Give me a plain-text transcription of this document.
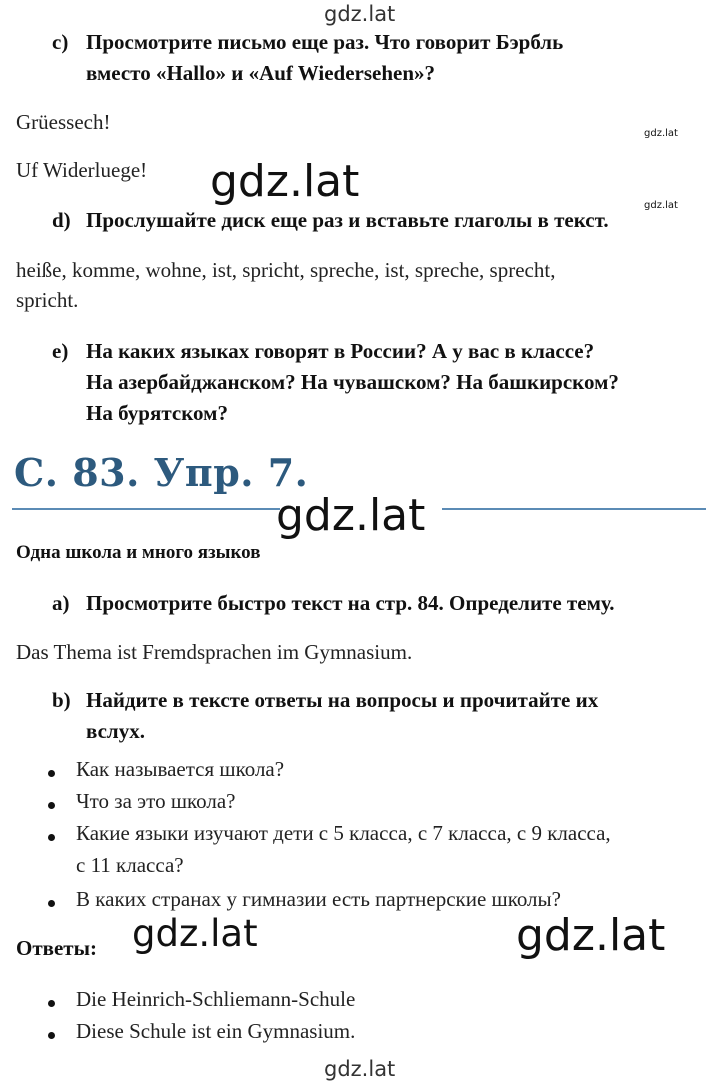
gdz.lat
c) Просмотрите письмо еще раз. Что говорит Бэрбль
вместо «Hallo» и «Auf Wiedersehen»?
Grüessech!	gdz.lat
Uf Widerluege! gdz.lat	gdz.lat
d) Прослушайте диск еще раз и вставьте глаголы в текст.
heiße, komme, wohne, ist, spricht, spreche, ist, spreche, sprecht,
spricht.
e) На каких языках говорят в России? А у вас в классе?
На азербайджанском? На чувашском? На башкирском?
На бурятском?
С. 83. Упр. 7.
gdz.lat
Одна школа и много языков
a) Просмотрите быстро текст на стр. 84. Определите тему.
Das Thema ist Fremdsprachen im Gymnasium.
b) Найдите в тексте ответы на вопросы и прочитайте их
вслух.
Как называется школа?
Что за это школа?
Какие языки изучают дети с 5 класса, с 7 класса, с 9 класса,
с 11 класса?
В каких странах у гимназии есть партнерские школы?
Ответы: gdz.lat	gdz.lat
Die Heinrich-Schliemann-Schule
Diese Schule ist ein Gymnasium.
gdz.lat
